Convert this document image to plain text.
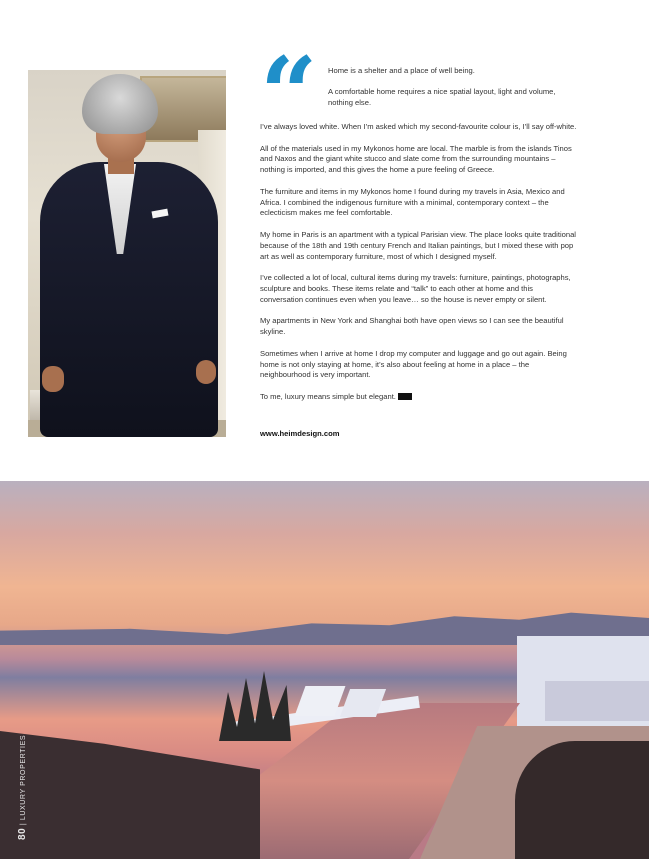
“ Home is a shelter and a place of well being.

A comfortable home requires a nice spatial layout, light and volume, nothing else.

I’ve always loved white. When I’m asked which my second-favourite colour is, I’ll say off-white.

All of the materials used in my Mykonos home are local. The marble is from the islands Tinos and Naxos and the giant white stucco and slate come from the surrounding mountains – nothing is imported, and this gives the home a pure feeling of Greece.

The furniture and items in my Mykonos home I found during my travels in Asia, Mexico and Africa. I combined the indigenous furniture with a minimal, contemporary context – the eclecticism makes me feel comfortable.

My home in Paris is an apartment with a typical Parisian view. The place looks quite traditional because of the 18th and 19th century French and Italian paintings, but I mixed these with pop art as well as contemporary furniture, most of which I designed myself.

I’ve collected a lot of local, cultural items during my travels: furniture, paintings, photographs, sculpture and books. These items relate and “talk” to each other at home and this conversation continues even when you leave… so the house is never empty or silent.

My apartments in New York and Shanghai both have open views so I can see the beautiful skyline.

Sometimes when I arrive at home I drop my computer and luggage and go out again. Being home is not only staying at home, it’s also about feeling at home in a place – the neighbourhood is very important.

To me, luxury means simple but elegant.

www.heimdesign.com
80 | LUXURY PROPERTIES
